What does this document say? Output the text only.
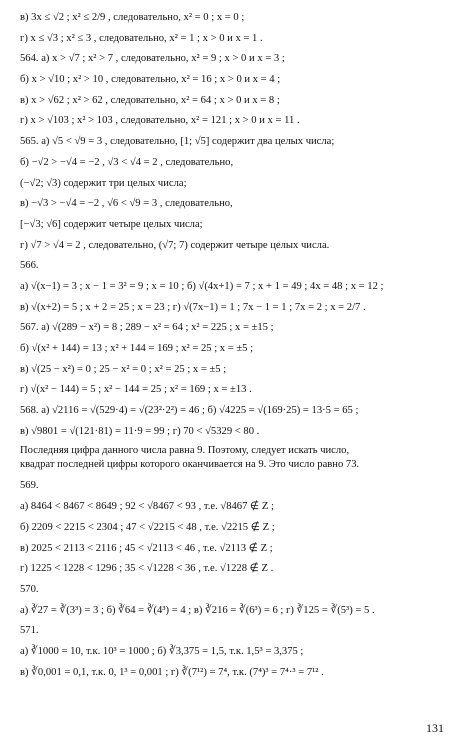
в) 3x ≤ √2 ; x² ≤ 2/9 , следовательно, x² = 0 ; x = 0 ;
г) x ≤ √3 ; x² ≤ 3 , следовательно, x² = 1 ; x > 0 и x = 1 .
564. а) x > √7 ; x² > 7 , следовательно, x² = 9 ; x > 0 и x = 3 ;
б) x > √10 ; x² > 10 , следовательно, x² = 16 ; x > 0 и x = 4 ;
в) x > √62 ; x² > 62 , следовательно, x² = 64 ; x > 0 и x = 8 ;
г) x > √103 ; x² > 103 , следовательно, x² = 121 ; x > 0 и x = 11 .
565. а) √5 < √9 = 3 , следовательно, [1; √5] содержит два целых числа;
б) −√2 > −√4 = −2 , √3 < √4 = 2 , следовательно,
(−√2; √3) содержит три целых числа;
в) −√3 > −√4 = −2 , √6 < √9 = 3 , следовательно,
[−√3; √6] содержит четыре целых числа;
г) √7 > √4 = 2 , следовательно, (√7; 7) содержит четыре целых числа.
566.
а) √(x−1) = 3 ; x − 1 = 3² = 9 ; x = 10 ; б) √(4x+1) = 7 ; x + 1 = 49 ; 4x = 48 ; x = 12 ;
в) √(x+2) = 5 ; x + 2 = 25 ; x = 23 ; г) √(7x−1) = 1 ; 7x − 1 = 1 ; 7x = 2 ; x = 2/7 .
567. а) √(289 − x²) = 8 ; 289 − x² = 64 ; x² = 225 ; x = ±15 ;
б) √(x² + 144) = 13 ; x² + 144 = 169 ; x² = 25 ; x = ±5 ;
в) √(25 − x²) = 0 ; 25 − x² = 0 ; x² = 25 ; x = ±5 ;
г) √(x² − 144) = 5 ; x² − 144 = 25 ; x² = 169 ; x = ±13 .
568. а) √2116 = √(529·4) = √(23²·2²) = 46 ; б) √4225 = √(169·25) = 13·5 = 65 ;
в) √9801 = √(121·81) = 11·9 = 99 ; г) 70 < √5329 < 80 .
Последняя цифра данного числа равна 9. Поэтому, следует искать число,
квадрат последней цифры которого оканчивается на 9. Это число равно 73.
569.
а) 8464 < 8467 < 8649 ; 92 < √8467 < 93 , т.е. √8467 ∉ Z ;
б) 2209 < 2215 < 2304 ; 47 < √2215 < 48 , т.е. √2215 ∉ Z ;
в) 2025 < 2113 < 2116 ; 45 < √2113 < 46 , т.е. √2113 ∉ Z ;
г) 1225 < 1228 < 1296 ; 35 < √1228 < 36 , т.е. √1228 ∉ Z .
570.
а) ∛27 = ∛(3³) = 3 ; б) ∛64 = ∛(4³) = 4 ; в) ∛216 = ∛(6³) = 6 ; г) ∛125 = ∛(5³) = 5 .
571.
а) ∛1000 = 10, т.к. 10³ = 1000 ; б) ∛3,375 = 1,5, т.к. 1,5³ = 3,375 ;
в) ∛0,001 = 0,1, т.к. 0, 1³ = 0,001 ; г) ∛(7¹²) = 7⁴, т.к. (7⁴)³ = 7⁴·³ = 7¹² .
131
